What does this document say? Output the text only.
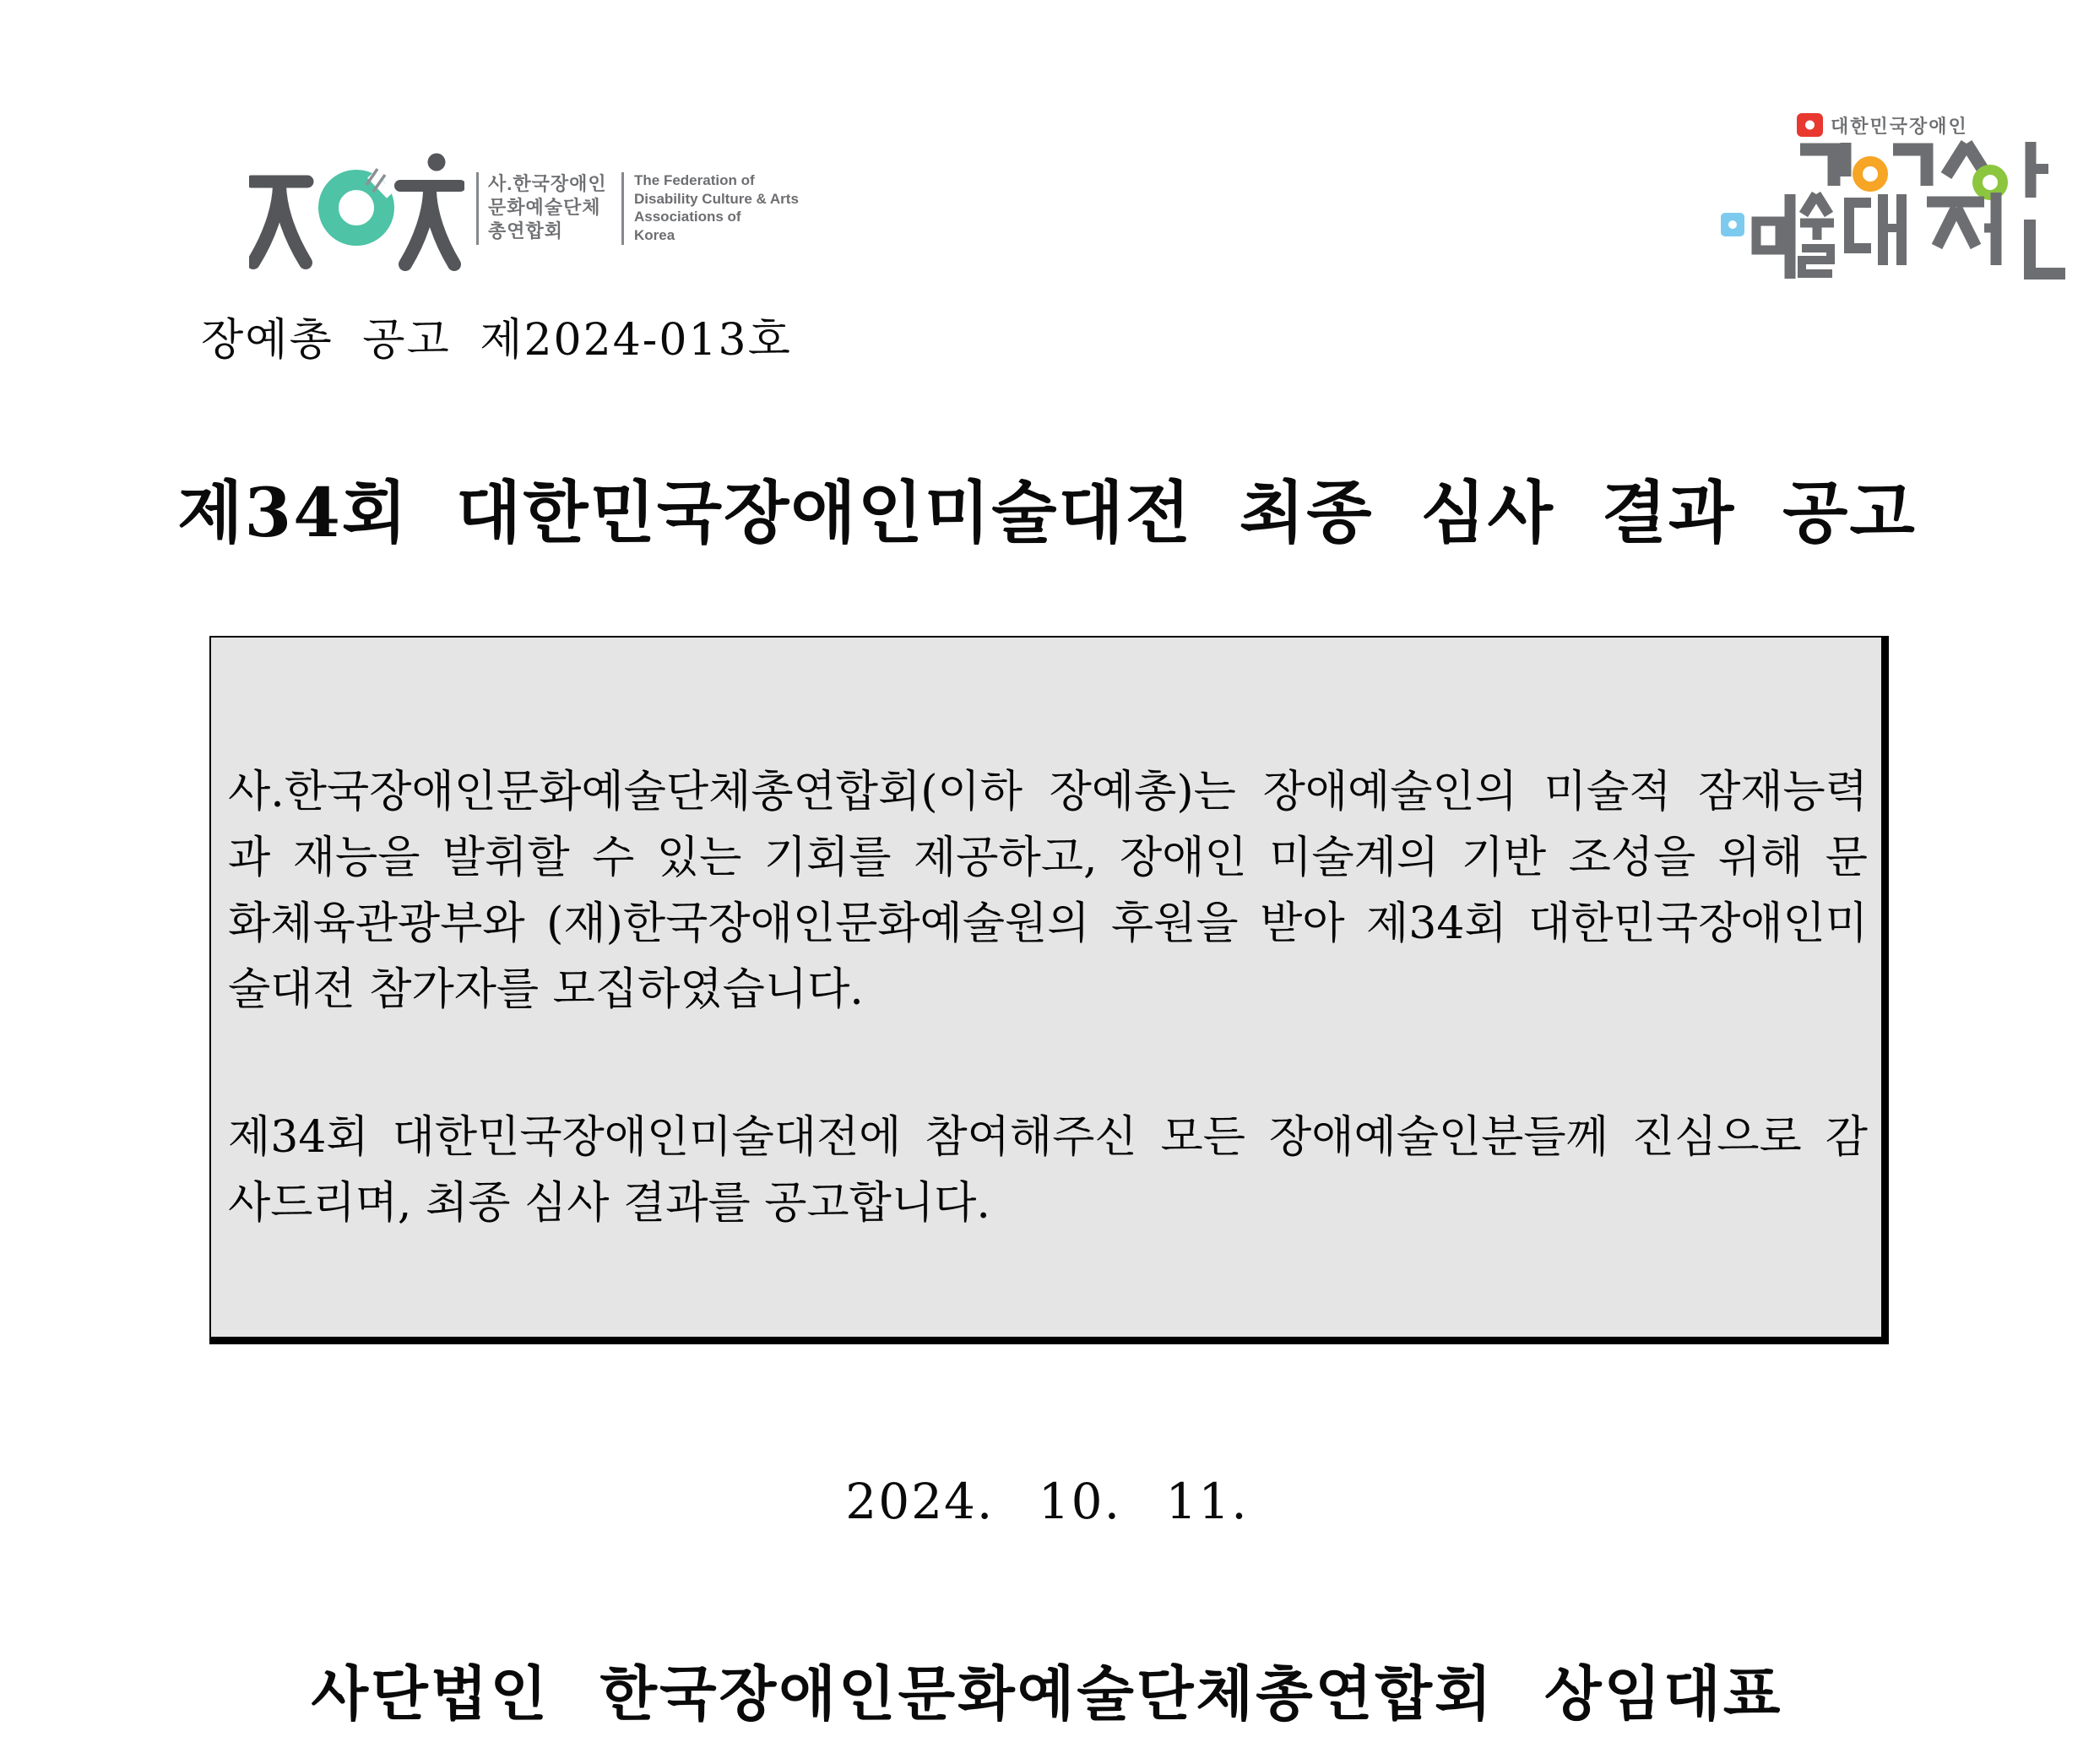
사.한국장애인
문화예술단체
총연합회
The Federation of
Disability Culture & Arts
Associations of
Korea
대한민국장애인
장예총 공고 제2024-013호
제34회 대한민국장애인미술대전 최종 심사 결과 공고

사.한국장애인문화예술단체총연합회(이하 장예총)는 장애예술인의 미술적 잠재능력
과 재능을 발휘할 수 있는 기회를 제공하고, 장애인 미술계의 기반 조성을 위해 문
화체육관광부와 (재)한국장애인문화예술원의 후원을 받아 제34회 대한민국장애인미
술대전 참가자를 모집하였습니다.

제34회 대한민국장애인미술대전에 참여해주신 모든 장애예술인분들께 진심으로 감
사드리며, 최종 심사 결과를 공고합니다.

2024. 10. 11.
사단법인 한국장애인문화예술단체총연합회 상임대표
